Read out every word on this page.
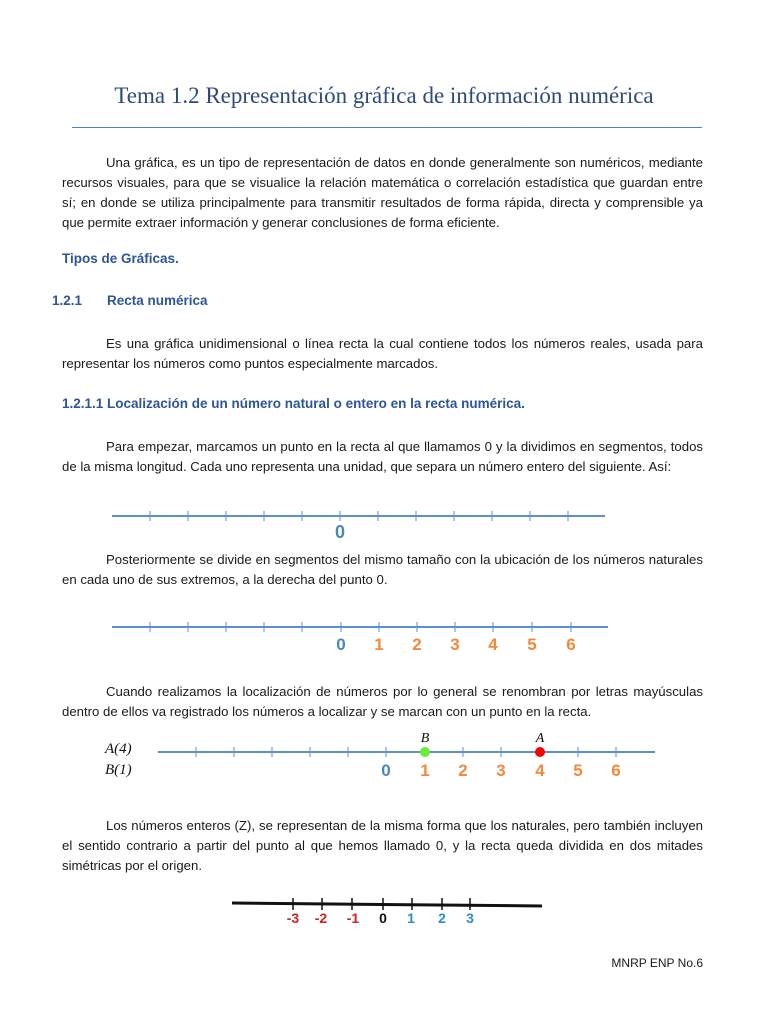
Tema 1.2 Representación gráfica de información numérica

Una gráfica, es un tipo de representación de datos en donde generalmente son numéricos, mediante recursos visuales, para que se visualice la relación matemática o correlación estadística que guardan entre sí; en donde se utiliza principalmente para transmitir resultados de forma rápida, directa y comprensible ya que permite extraer información y generar conclusiones de forma eficiente.

Tipos de Gráficas.

1.2.1 Recta numérica

Es una gráfica unidimensional o línea recta la cual contiene todos los números reales, usada para representar los números como puntos especialmente marcados.

1.2.1.1 Localización de un número natural o entero en la recta numérica.

Para empezar, marcamos un punto en la recta al que llamamos 0 y la dividimos en segmentos, todos de la misma longitud. Cada uno representa una unidad, que separa un número entero del siguiente. Así:

0

Posteriormente se divide en segmentos del mismo tamaño con la ubicación de los números naturales en cada uno de sus extremos, a la derecha del punto 0.

0 1 2 3 4 5 6

Cuando realizamos la localización de números por lo general se renombran por letras mayúsculas dentro de ellos va registrado los números a localizar y se marcan con un punto en la recta.

A(4)
B(1)
B	A
0 1 2 3 4 5 6

Los números enteros (Z), se representan de la misma forma que los naturales, pero también incluyen el sentido contrario a partir del punto al que hemos llamado 0, y la recta queda dividida en dos mitades simétricas por el origen.

-3 -2 -1 0 1 2 3
MNRP ENP No.6
